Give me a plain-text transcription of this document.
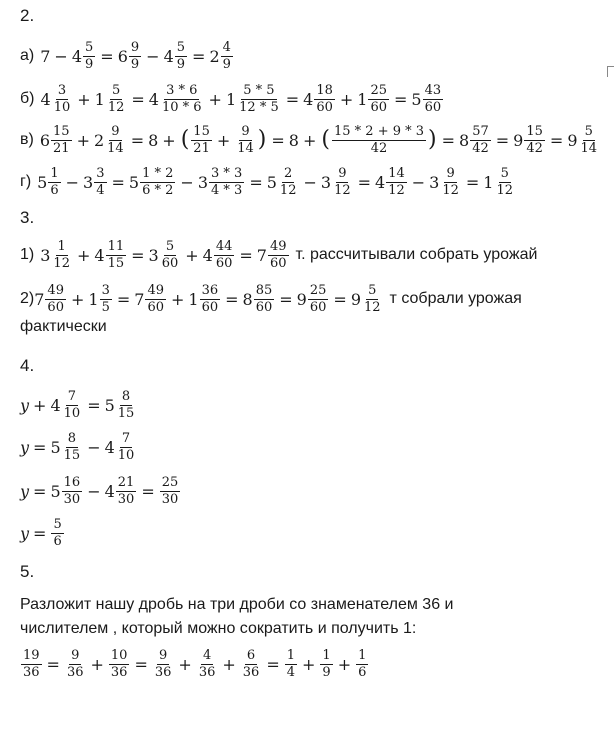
2.
а) $7 - 4 \frac{5}{9} = 6$ 9
$9 - 4 \frac{5}{9} = 2$ 4
9
б) 4 3
$10 + 1 \frac{5}{12} = 4$ 3 * 6
$10 * 6 + 1 \frac{5 * 5}{12 * 5} = 4$ 18
$60 + 1 \frac{25}{60} = 5$ 43
60
в) 6 15
$21 + 2 \frac{9}{14} = 8$ + ( 15
$21 + \frac{9}{14}$ ) = 8 + ( 15 * 2 + 9 * 3
42 ) = $8 \frac{57}{42} = 9 \frac{15}{42} = 9$ 5
14
г) 5 1
$6 - 3 \frac{3}{4} = 5$ 1 * 2
$6 * 2 - 3 \frac{3 * 3}{4 * 3} = 5$ 2
$12 - 3 \frac{9}{12} = 4$ 14
$12 - 3 \frac{9}{12} = 1$ 5
12
3.
1) 3 1
$12 + 4 \frac{11}{15} = 3$ 5
$60 + 4 \frac{44}{60} = 7$ 49
60 т. рассчитывали собрать урожай
2) 7 49
$60 + 1 \frac{3}{5} = 7$ 49
$60 + 1 \frac{36}{60} = 8 \frac{85}{60} = 9 \frac{25}{60} = 9$ 5
12 т собрали урожая
фактически
4.
$y + 4 \frac{7}{10} = 5$ 8
15
y = 5 8
15 − 4 7
10
y = 5 16
$30 - 4 \frac{21}{30} = \frac{25}{30}$
$y = \frac{5}{6}$
5.
Разложит нашу дробь на три дроби со знаменателем 36 и
числителем , который можно сократить и получить 1:
$\frac{19}{36} = \frac{9}{36} + \frac{10}{36} = \frac{9}{36} + \frac{4}{36} + \frac{6}{36} = \frac{1}{4} + \frac{1}{9} + \frac{1}{6}$
